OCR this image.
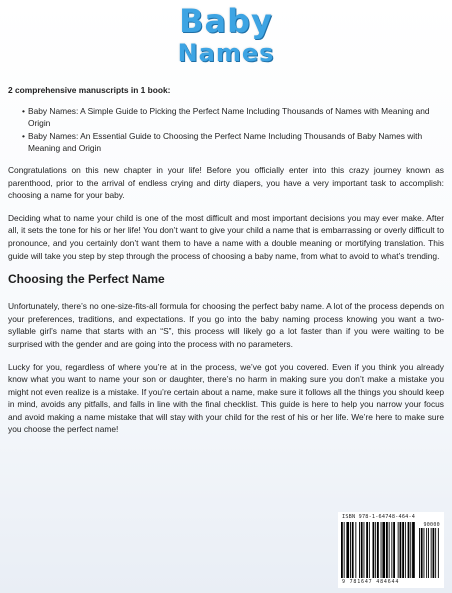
Baby
Names

2 comprehensive manuscripts in 1 book:

• Baby Names: A Simple Guide to Picking the Perfect Name Including Thousands of Names with Meaning and Origin
• Baby Names: An Essential Guide to Choosing the Perfect Name Including Thousands of Baby Names with Meaning and Origin

Congratulations on this new chapter in your life! Before you officially enter into this crazy journey known as parenthood, prior to the arrival of endless crying and dirty diapers, you have a very important task to accomplish: choosing a name for your baby.

Deciding what to name your child is one of the most difficult and most important decisions you may ever make. After all, it sets the tone for his or her life! You don’t want to give your child a name that is embarrassing or overly difficult to pronounce, and you certainly don’t want them to have a name with a double meaning or mortifying translation. This guide will take you step by step through the process of choosing a baby name, from what to avoid to what’s trending.

Choosing the Perfect Name

Unfortunately, there’s no one-size-fits-all formula for choosing the perfect baby name. A lot of the process depends on your preferences, traditions, and expectations. If you go into the baby naming process knowing you want a two-syllable girl’s name that starts with an “S”, this process will likely go a lot faster than if you were waiting to be surprised with the gender and are going into the process with no parameters.

Lucky for you, regardless of where you’re at in the process, we’ve got you covered. Even if you think you already know what you want to name your son or daughter, there’s no harm in making sure you don’t make a mistake you might not even realize is a mistake. If you’re certain about a name, make sure it follows all the things you should keep in mind, avoids any pitfalls, and falls in line with the final checklist. This guide is here to help you narrow your focus and avoid making a name mistake that will stay with your child for the rest of his or her life. We’re here to make sure you choose the perfect name!

ISBN 978-1-64748-464-4
90000
9 781647 484644
